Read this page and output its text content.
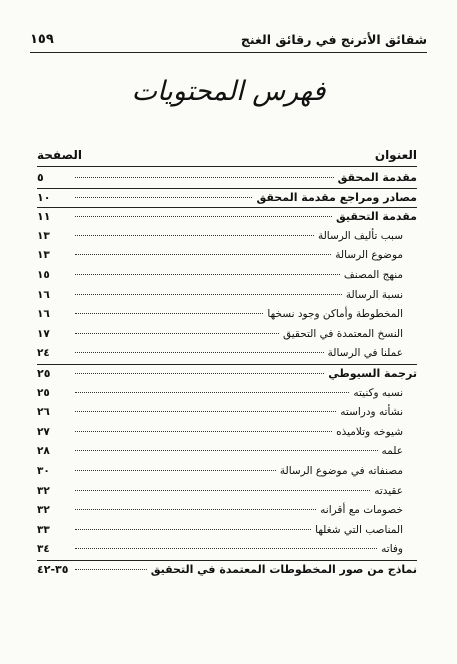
شقائق الأترنج في رقائق الغنج
١٥٩
فهرس المحتويات
العنوان
الصفحة
مقدمة المحقق
٥
مصادر ومراجع مقدمة المحقق
١٠
مقدمة التحقيق
١١
سبب تأليف الرسالة
١٣
موضوع الرسالة
١٣
منهج المصنف
١٥
نسبة الرسالة
١٦
المخطوطة وأماكن وجود نسخها
١٦
النسخ المعتمدة في التحقيق
١٧
عملنا في الرسالة
٢٤
ترجمة السيوطي
٢٥
نسبه وكنيته
٢٥
نشأته ودراسته
٢٦
شيوخه وتلاميذه
٢٧
علمه
٢٨
مصنفاته في موضوع الرسالة
٣٠
عقيدته
٣٢
خصومات مع أقرانه
٣٢
المناصب التي شغلها
٣٣
وفاته
٣٤
نماذج من صور المخطوطات المعتمدة في التحقيق
٣٥-٤٢
